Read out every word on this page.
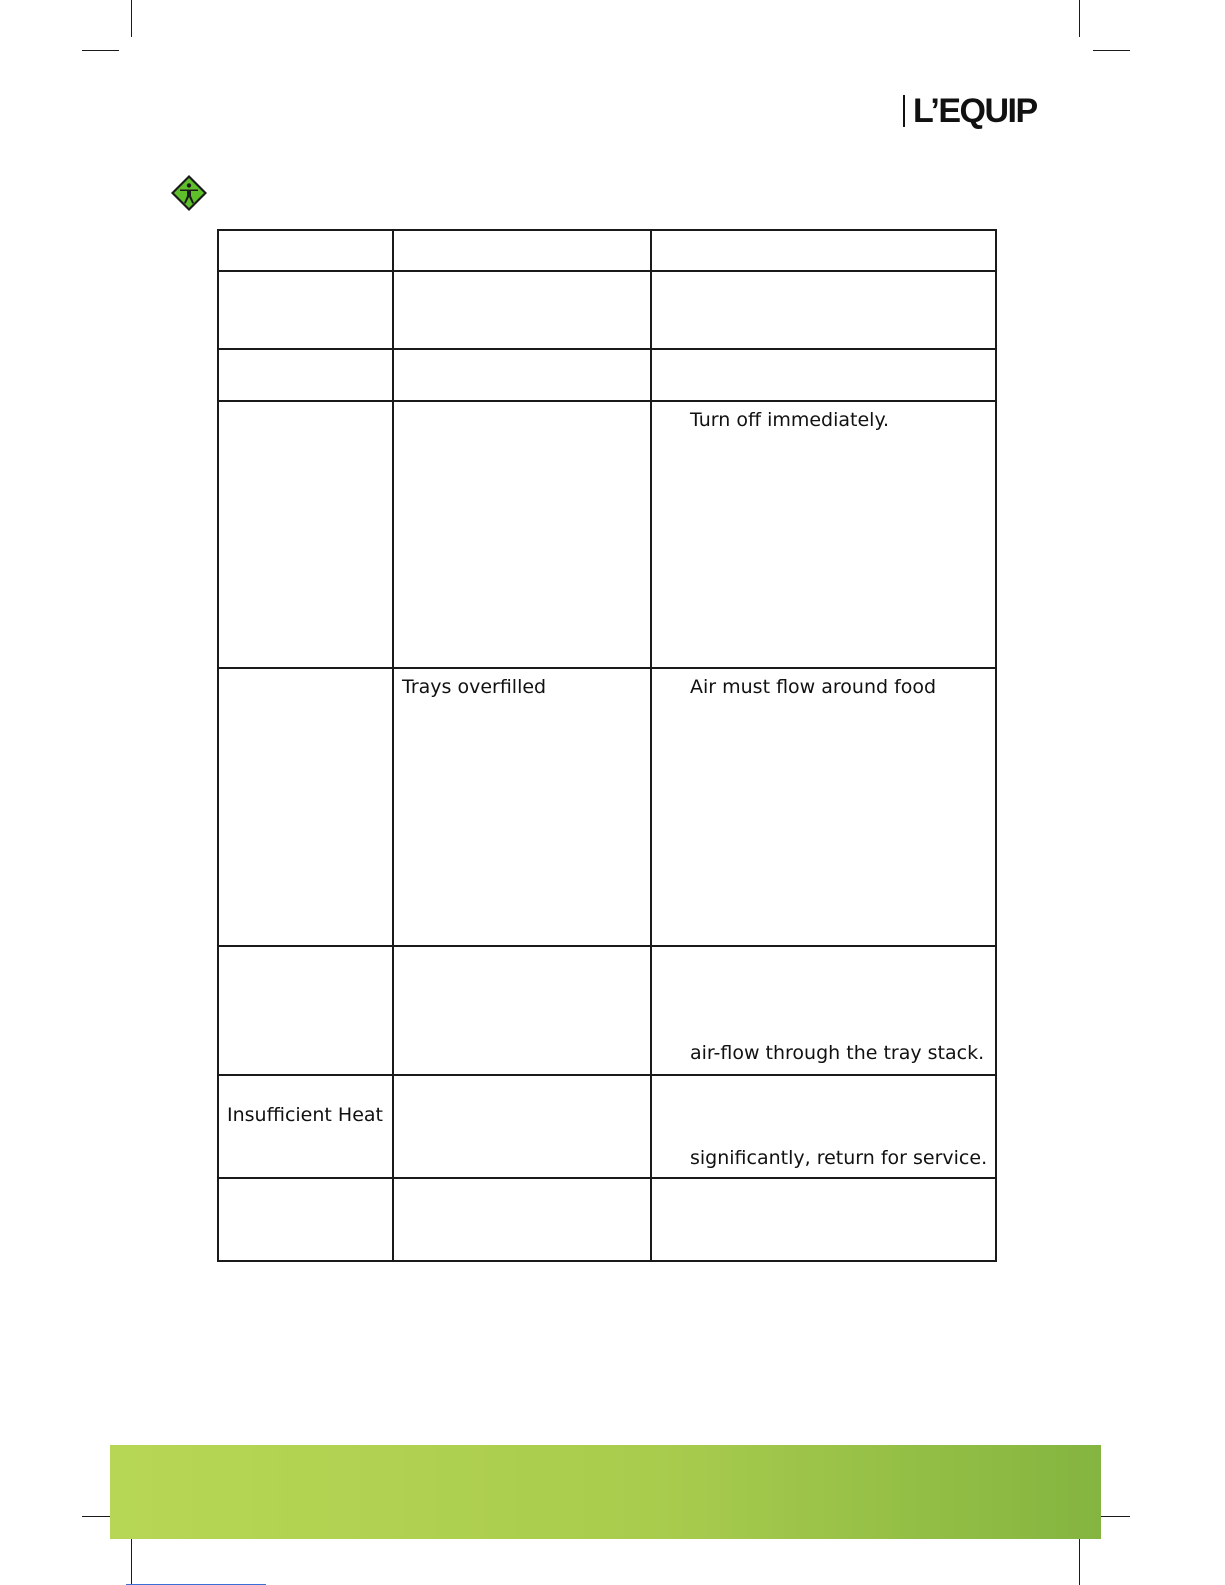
L’EQUIP

		Turn off immediately.

	Trays overfilled	Air must flow around food

		air-flow through the tray stack.

Insufficient Heat		significantly, return for service.
